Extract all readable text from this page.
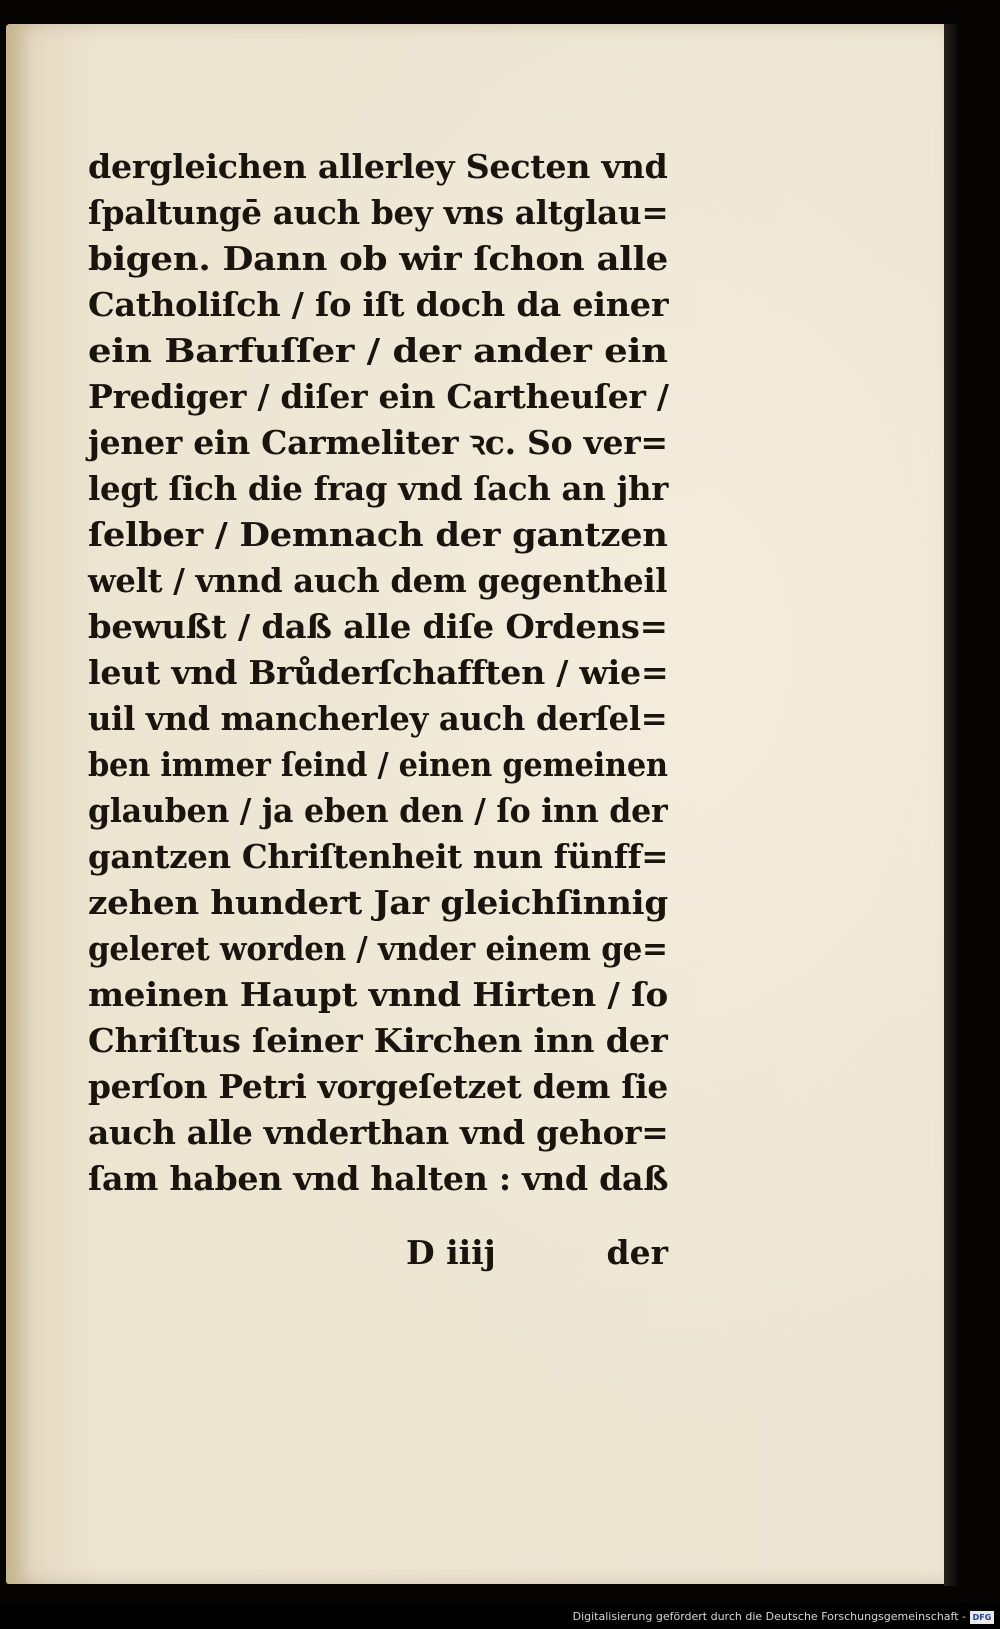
dergleichen allerley Secten vnd
ſpaltungē auch bey vns altglau=
bigen. Dann ob wir ſchon alle
Catholiſch / ſo iſt doch da einer
ein Barfuſſer / der ander ein
Prediger / diſer ein Cartheuſer /
jener ein Carmeliter ꝛc. So ver=
legt ſich die frag vnd ſach an jhr
ſelber / Demnach der gantzen
welt / vnnd auch dem gegentheil
bewußt / daß alle diſe Ordens=
leut vnd Brůderſchafften / wie=
uil vnd mancherley auch derſel=
ben immer ſeind / einen gemeinen
glauben / ja eben den / ſo inn der
gantzen Chriſtenheit nun fünff=
zehen hundert Jar gleichſinnig
geleret worden / vnder einem ge=
meinen Haupt vnnd Hirten / ſo
Chriſtus ſeiner Kirchen inn der
perſon Petri vorgeſetzet dem ſie
auch alle vnderthan vnd gehor=
ſam haben vnd halten : vnd daß
D iiij	der
Digitalisierung gefördert durch die Deutsche Forschungsgemeinschaft - DFG
